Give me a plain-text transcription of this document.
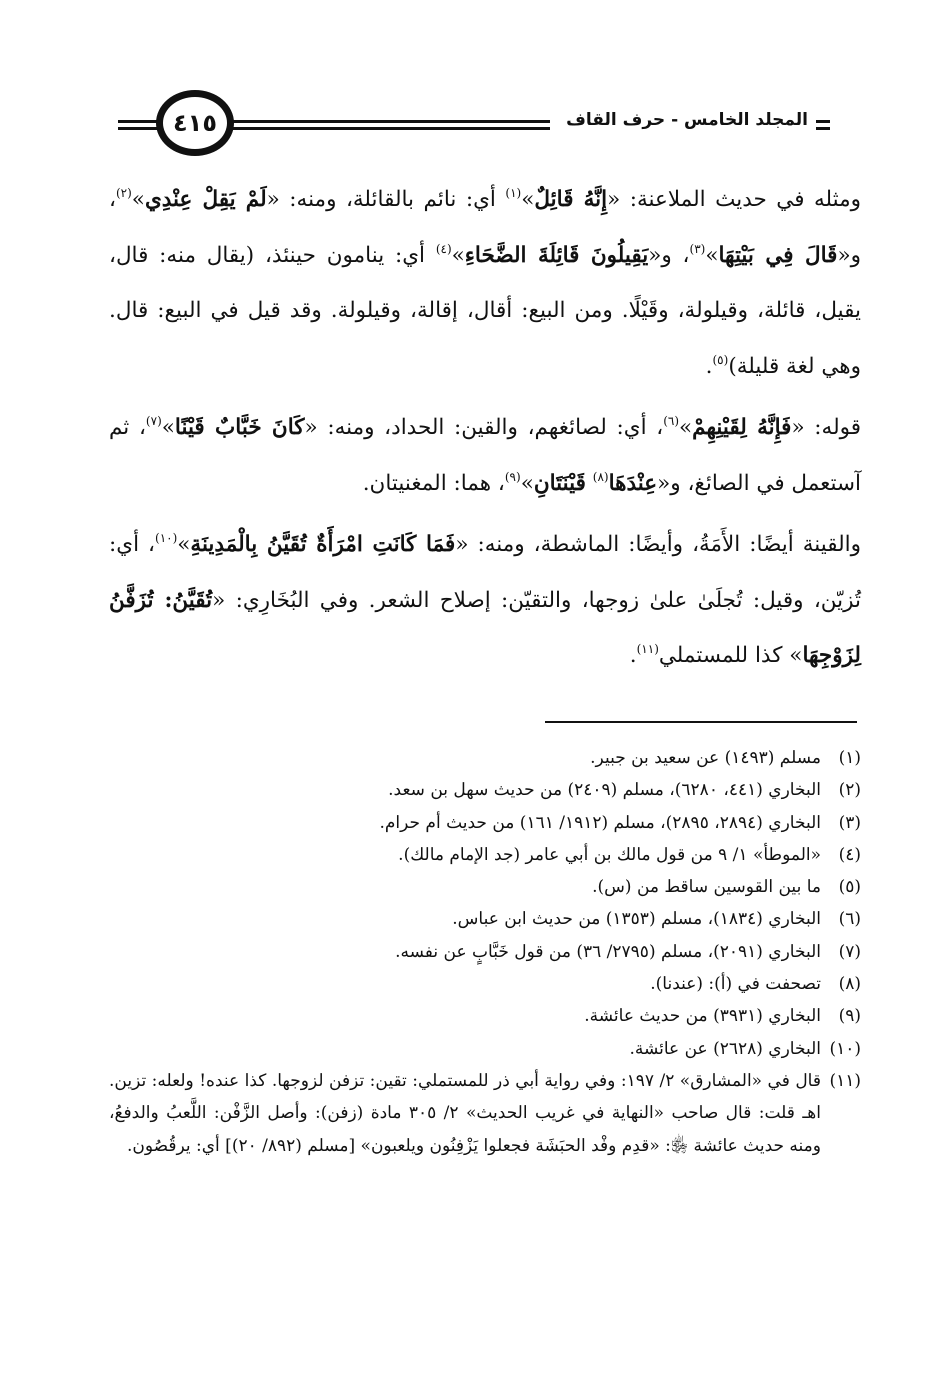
المجلد الخامس - حرف القاف
٤١٥

ومثله في حديث الملاعنة: «إِنَّهُ قَائِلٌ»$^{(١)}$ أي: نائم بالقائلة، ومنه: «لَمْ يَقِلْ عِنْدِي»$^{(٢)}$، و«قَالَ فِي بَيْتِهَا»$^{(٣)}$، و«يَقِيلُونَ قَائِلَةَ الضَّحَاءِ»$^{(٤)}$ أي: ينامون حينئذ، (يقال منه: قال، يقيل، قائلة، وقيلولة، وقَيْلًا. ومن البيع: أقال، إقالة، وقيلولة. وقد قيل في البيع: قال. وهي لغة قليلة)$^{(٥)}$.

قوله: «فَإِنَّهُ لِقَيْنِهِمْ»$^{(٦)}$، أي: لصائغهم، والقين: الحداد، ومنه: «كَانَ خَبَّابٌ قَيْنًا»$^{(٧)}$، ثم آستعمل في الصائغ، و«عِنْدَهَا$^{(٨)}$ قَيْنَتَانِ»$^{(٩)}$، هما: المغنيتان.

والقينة أيضًا: الأَمَةُ، وأيضًا: الماشطة، ومنه: «فَمَا كَانَتِ امْرَأَةٌ تُقَيَّنُ بِالْمَدِينَةِ»$^{(١٠)}$، أي: تُزيّن، وقيل: تُجلَىٰ علىٰ زوجها، والتقيّن: إصلاح الشعر. وفي البُخَارِي: «تُقَيَّنُ: تُزَفَّنُ لِزَوْجِهَا» كذا للمستملي$^{(١١)}$.

(١)
مسلم (١٤٩٣) عن سعيد بن جبير.
(٢)
البخاري (٤٤١، ٦٢٨٠)، مسلم (٢٤٠٩) من حديث سهل بن سعد.
(٣)
البخاري (٢٨٩٤، ٢٨٩٥)، مسلم (١٩١٢/ ١٦١) من حديث أم حرام.
(٤)
«الموطأ» ١/ ٩ من قول مالك بن أبي عامر (جد الإمام مالك).
(٥)
ما بين القوسين ساقط من (س).
(٦)
البخاري (١٨٣٤)، مسلم (١٣٥٣) من حديث ابن عباس.
(٧)
البخاري (٢٠٩١)، مسلم (٢٧٩٥/ ٣٦) من قول خَبَّابٍ عن نفسه.
(٨)
تصحفت في (أ): (عندنا).
(٩)
البخاري (٣٩٣١) من حديث عائشة.
(١٠)
البخاري (٢٦٢٨) عن عائشة.
(١١)
قال في «المشارق» ٢/ ١٩٧: وفي رواية أبي ذر للمستملي: تقين: تزفن لزوجها. كذا عنده! ولعله: تزين. اهـ قلت: قال صاحب «النهاية في غريب الحديث» ٢/ ٣٠٥ مادة (زفن): وأصل الزَّفْن: اللَّعبُ والدفعُ، ومنه حديث عائشة ﵂: «قدِم وفْد الحبَشَة فجعلوا يَزْفِنُون ويلعبون» [مسلم (٨٩٢/ ٢٠)] أي: يرقُصُون.
